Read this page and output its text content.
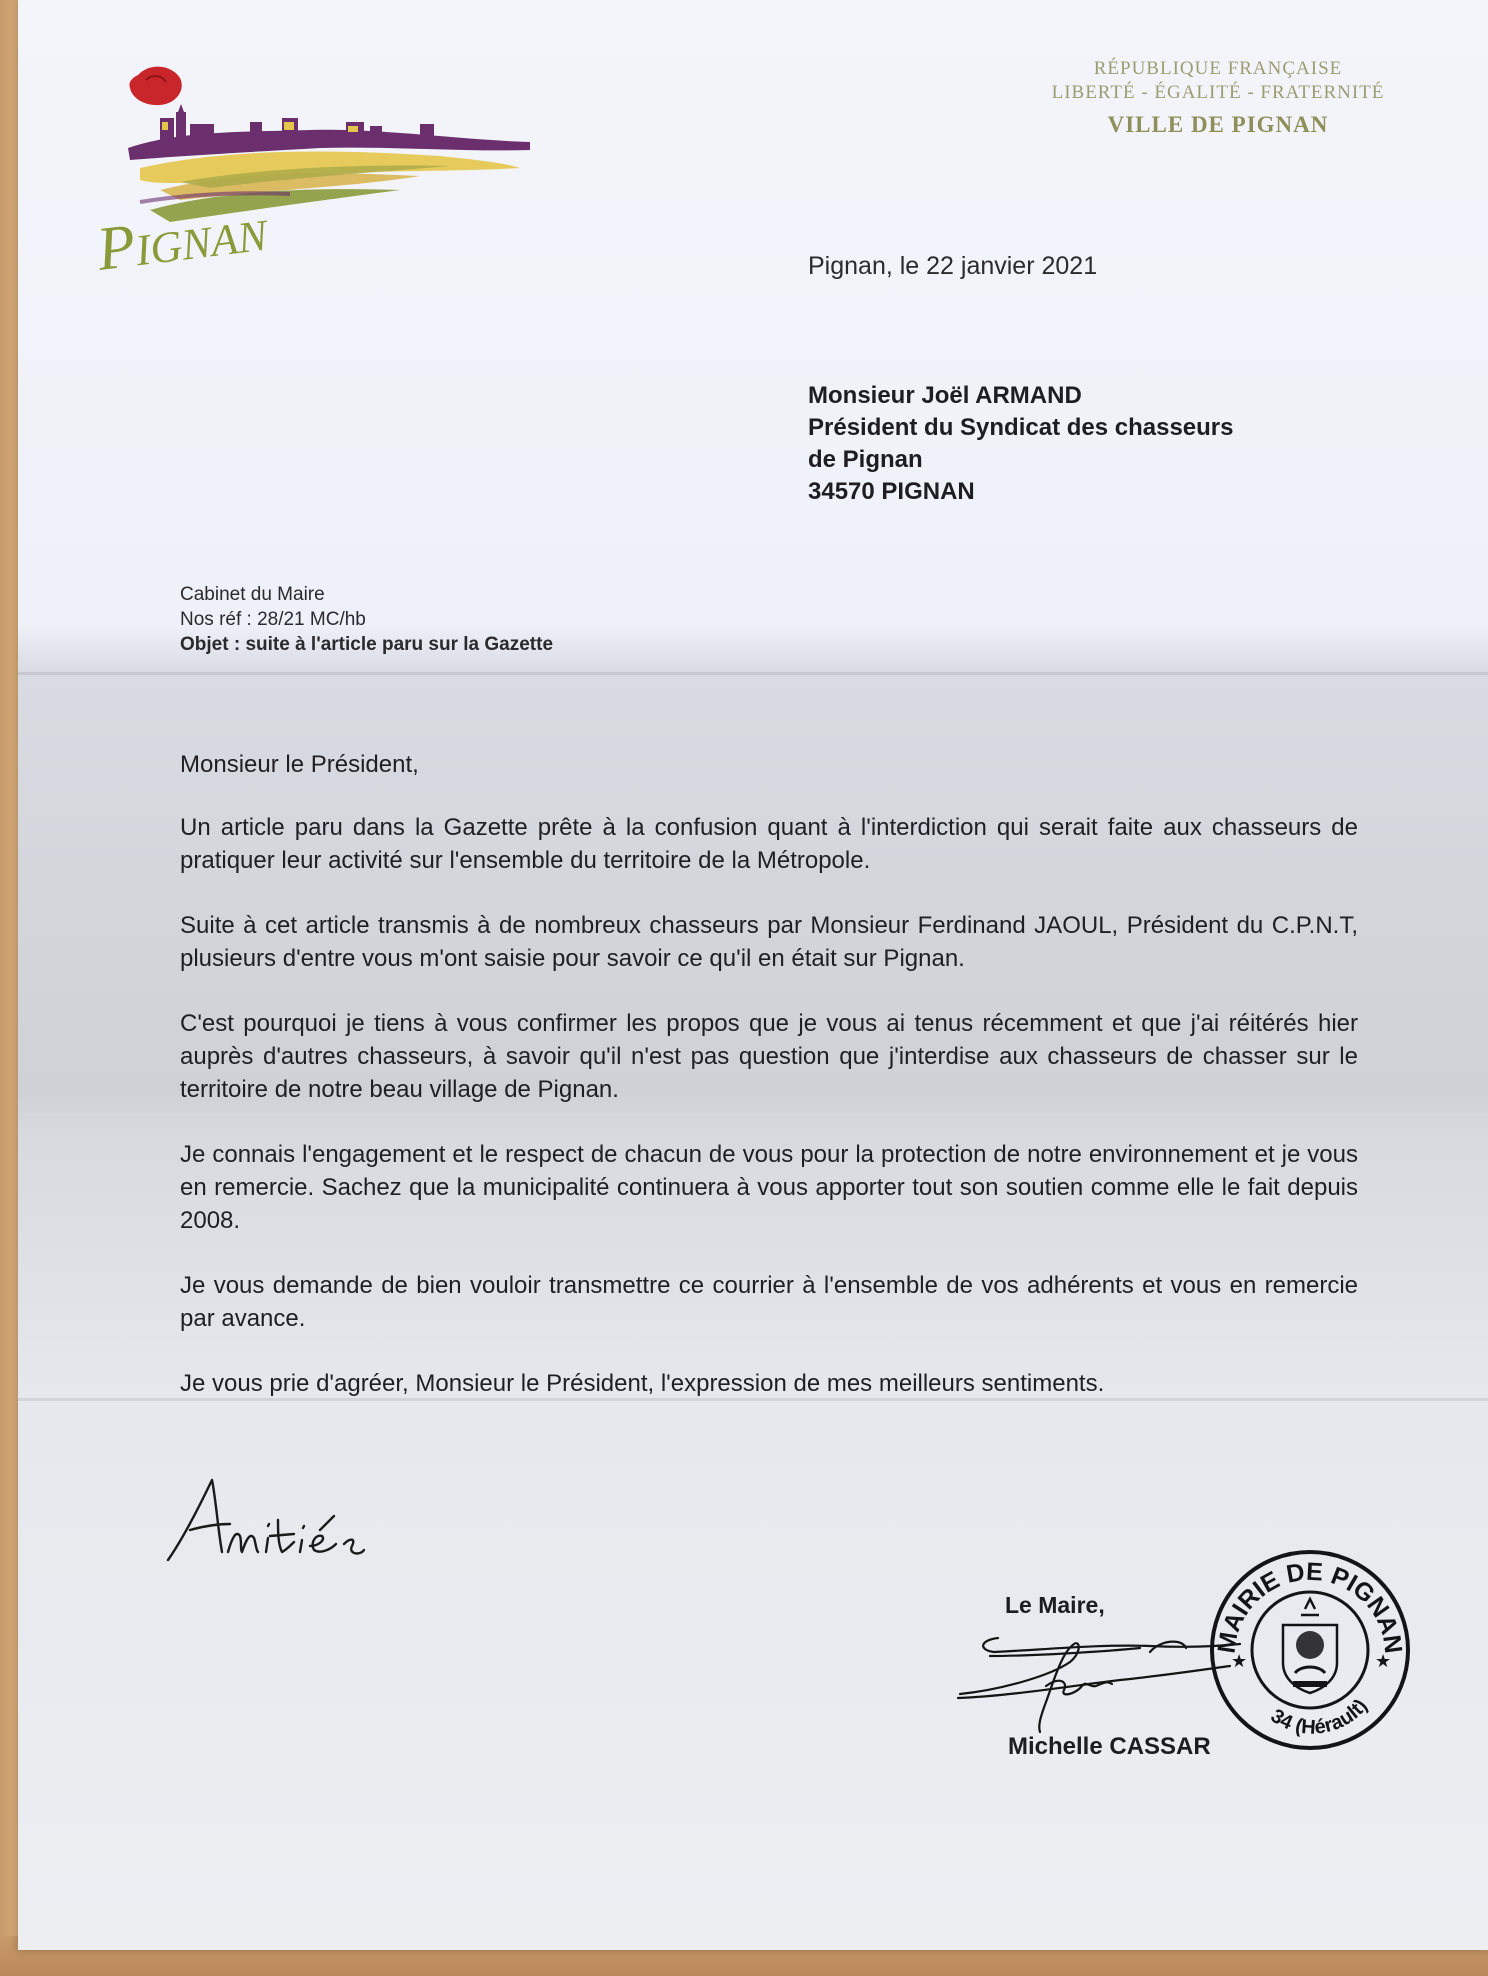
PIGNAN
RÉPUBLIQUE FRANÇAISE
LIBERTÉ - ÉGALITÉ - FRATERNITÉ
VILLE DE PIGNAN
Pignan, le 22 janvier 2021
Monsieur Joël ARMAND
Président du Syndicat des chasseurs
de Pignan
34570 PIGNAN
Cabinet du Maire
Nos réf : 28/21 MC/hb
Objet : suite à l'article paru sur la Gazette

Monsieur le Président,

Un article paru dans la Gazette prête à la confusion quant à l'interdiction qui serait faite aux chasseurs de pratiquer leur activité sur l'ensemble du territoire de la Métropole.

Suite à cet article transmis à de nombreux chasseurs par Monsieur Ferdinand JAOUL, Président du C.P.N.T, plusieurs d'entre vous m'ont saisie pour savoir ce qu'il en était sur Pignan.

C'est pourquoi je tiens à vous confirmer les propos que je vous ai tenus récemment et que j'ai réitérés hier auprès d'autres chasseurs, à savoir qu'il n'est pas question que j'interdise aux chasseurs de chasser sur le territoire de notre beau village de Pignan.

Je connais l'engagement et le respect de chacun de vous pour la protection de notre environnement et je vous en remercie. Sachez que la municipalité continuera à vous apporter tout son soutien comme elle le fait depuis 2008.

Je vous demande de bien vouloir transmettre ce courrier à l'ensemble de vos adhérents et vous en remercie par avance.

Je vous prie d'agréer, Monsieur le Président, l'expression de mes meilleurs sentiments.

Le Maire,
Michelle CASSAR
MAIRIE DE PIGNAN
34 (Hérault)
★	★
